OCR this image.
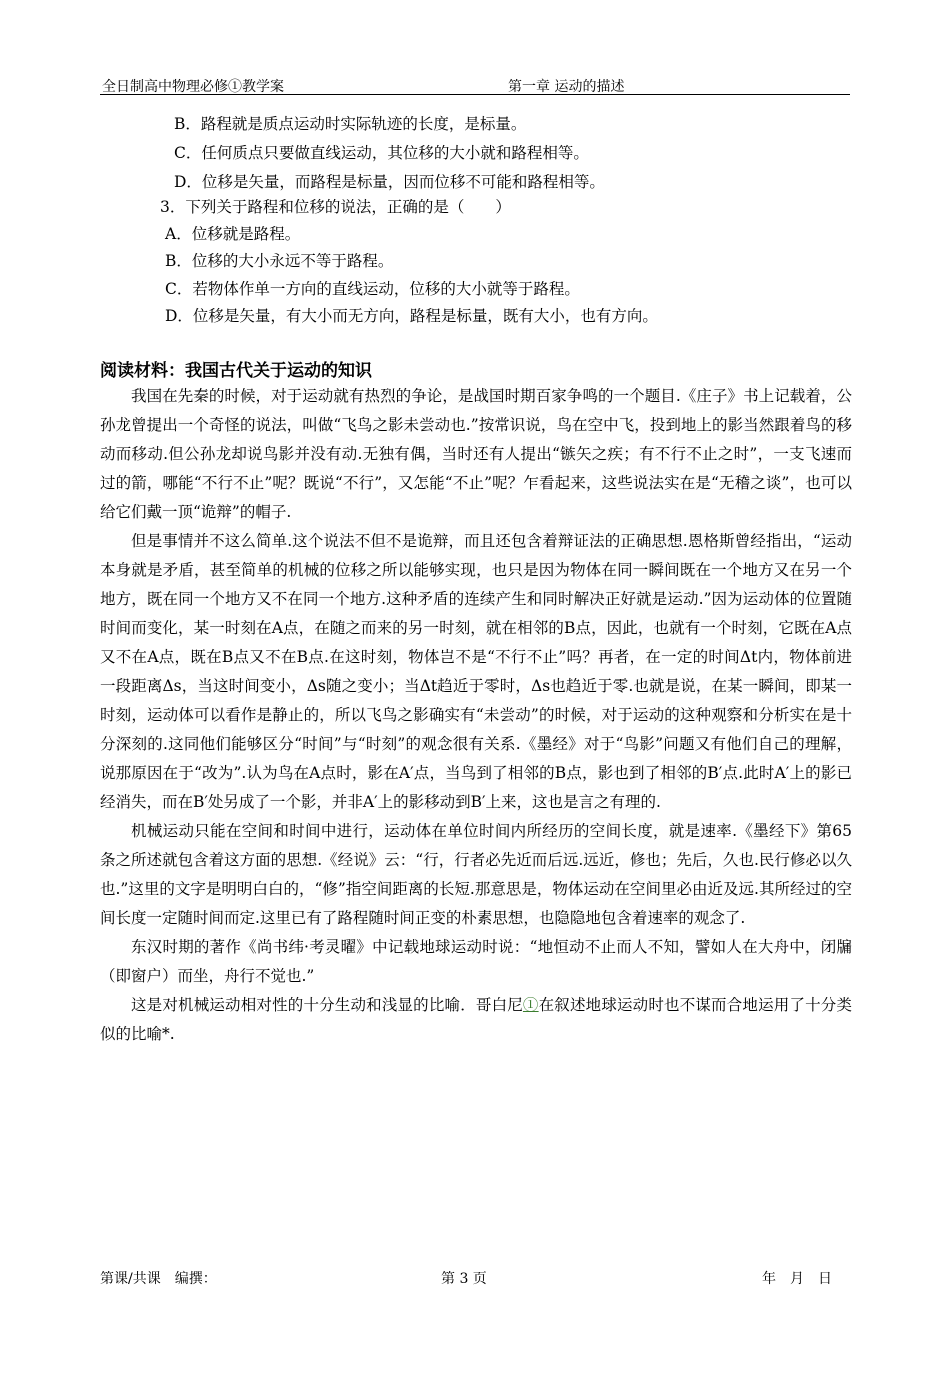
全日制高中物理必修①教学案	第一章 运动的描述
B．路程就是质点运动时实际轨迹的长度，是标量。
C．任何质点只要做直线运动，其位移的大小就和路程相等。
D．位移是矢量，而路程是标量，因而位移不可能和路程相等。
3．下列关于路程和位移的说法，正确的是（　　）
A．位移就是路程。
B．位移的大小永远不等于路程。
C．若物体作单一方向的直线运动，位移的大小就等于路程。
D．位移是矢量，有大小而无方向，路程是标量，既有大小，也有方向。
阅读材料：我国古代关于运动的知识
我国在先秦的时候，对于运动就有热烈的争论，是战国时期百家争鸣的一个题目.《庄子》书上记载着，公孙龙曾提出一个奇怪的说法，叫做“飞鸟之影未尝动也.”按常识说，鸟在空中飞，投到地上的影当然跟着鸟的移动而移动.但公孙龙却说鸟影并没有动.无独有偶，当时还有人提出“镞矢之疾；有不行不止之时”，一支飞速而过的箭，哪能“不行不止”呢？既说“不行”，又怎能“不止”呢？乍看起来，这些说法实在是“无稽之谈”，也可以给它们戴一顶“诡辩”的帽子.
但是事情并不这么简单.这个说法不但不是诡辩，而且还包含着辩证法的正确思想.恩格斯曾经指出，“运动本身就是矛盾，甚至简单的机械的位移之所以能够实现，也只是因为物体在同一瞬间既在一个地方又在另一个地方，既在同一个地方又不在同一个地方.这种矛盾的连续产生和同时解决正好就是运动.”因为运动体的位置随时间而变化，某一时刻在A点，在随之而来的另一时刻，就在相邻的B点，因此，也就有一个时刻，它既在A点又不在A点，既在B点又不在B点.在这时刻，物体岂不是“不行不止”吗？再者，在一定的时间Δt内，物体前进一段距离Δs，当这时间变小，Δs随之变小；当Δt趋近于零时，Δs也趋近于零.也就是说，在某一瞬间，即某一时刻，运动体可以看作是静止的，所以飞鸟之影确实有“未尝动”的时候，对于运动的这种观察和分析实在是十分深刻的.这同他们能够区分“时间”与“时刻”的观念很有关系.《墨经》对于“鸟影”问题又有他们自己的理解，说那原因在于“改为”.认为鸟在A点时，影在A′点，当鸟到了相邻的B点，影也到了相邻的B′点.此时A′上的影已经消失，而在B′处另成了一个影，并非A′上的影移动到B′上来，这也是言之有理的.
机械运动只能在空间和时间中进行，运动体在单位时间内所经历的空间长度，就是速率.《墨经下》第65条之所述就包含着这方面的思想.《经说》云：“行，行者必先近而后远.远近，修也；先后，久也.民行修必以久也.”这里的文字是明明白白的，“修”指空间距离的长短.那意思是，物体运动在空间里必由近及远.其所经过的空间长度一定随时间而定.这里已有了路程随时间正变的朴素思想，也隐隐地包含着速率的观念了.
东汉时期的著作《尚书纬·考灵曜》中记载地球运动时说：“地恒动不止而人不知，譬如人在大舟中，闭牖（即窗户）而坐，舟行不觉也.”
这是对机械运动相对性的十分生动和浅显的比喻．哥白尼①在叙述地球运动时也不谋而合地运用了十分类似的比喻*.
第课/共课　编撰：	第 3 页	年　月　日
